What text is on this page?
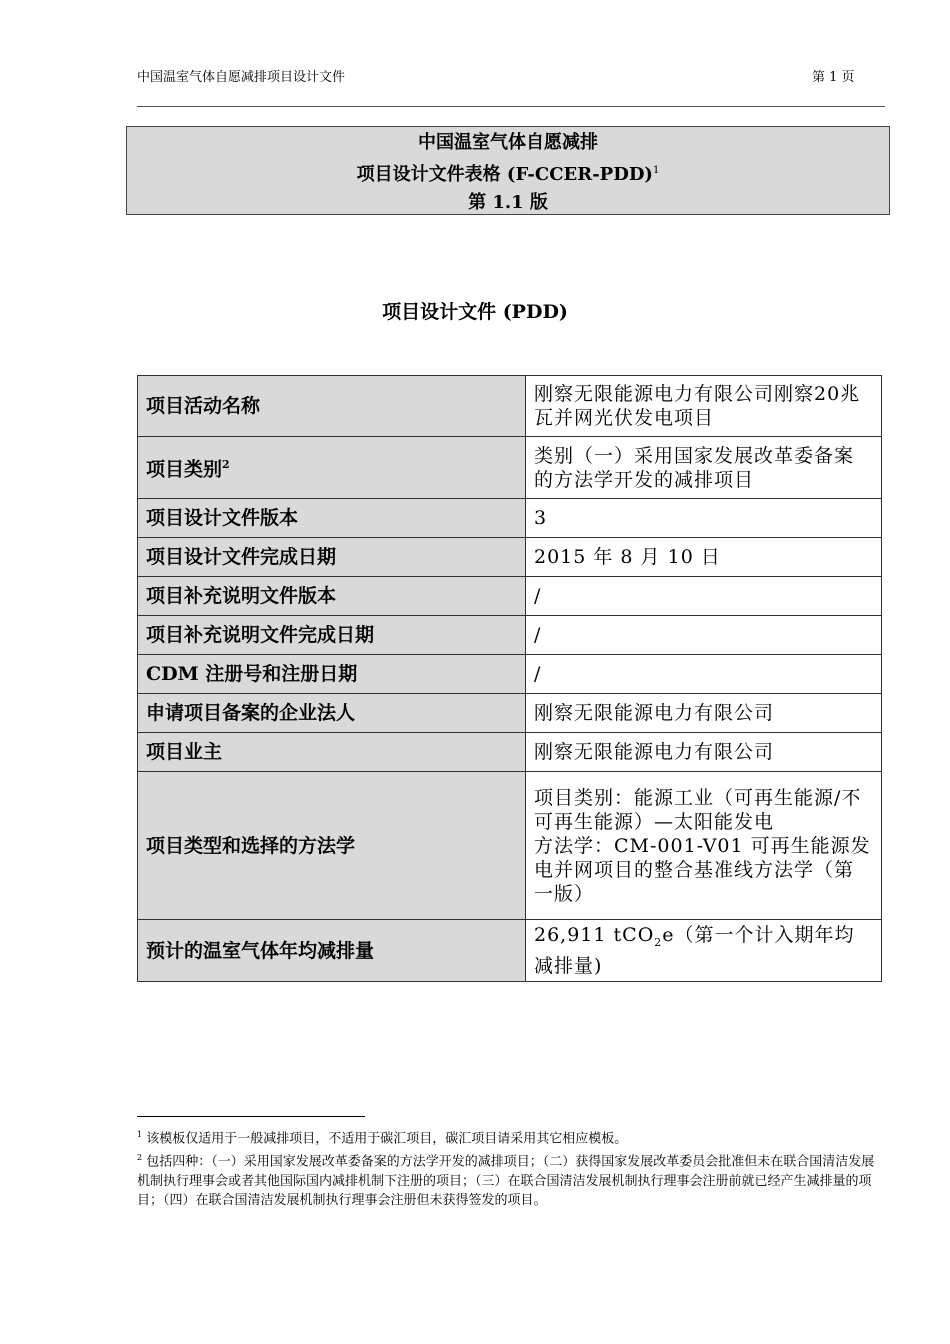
中国温室气体自愿减排项目设计文件	第 1 页
中国温室气体自愿减排
项目设计文件表格 (F-CCER-PDD)$^1$
第 1.1 版
项目设计文件 (PDD)
项目活动名称	刚察无限能源电力有限公司刚察20兆瓦并网光伏发电项目
项目类别$^2$	类别（一）采用国家发展改革委备案的方法学开发的减排项目
项目设计文件版本	3
项目设计文件完成日期	2015 年 8 月 10 日
项目补充说明文件版本	/
项目补充说明文件完成日期	/
CDM 注册号和注册日期	/
申请项目备案的企业法人	刚察无限能源电力有限公司
项目业主	刚察无限能源电力有限公司
项目类型和选择的方法学	项目类别：能源工业（可再生能源/不可再生能源）—太阳能发电
方法学：CM-001-V01 可再生能源发电并网项目的整合基准线方法学（第一版）

预计的温室气体年均减排量	26,911 tCO$_2$e（第一个计入期年均减排量)

$^1$ 该模板仅适用于一般减排项目，不适用于碳汇项目，碳汇项目请采用其它相应模板。

$^2$ 包括四种：（一）采用国家发展改革委备案的方法学开发的减排项目；（二）获得国家发展改革委员会批准但未在联合国清洁发展机制执行理事会或者其他国际国内减排机制下注册的项目；（三）在联合国清洁发展机制执行理事会注册前就已经产生减排量的项目；（四）在联合国清洁发展机制执行理事会注册但未获得签发的项目。
